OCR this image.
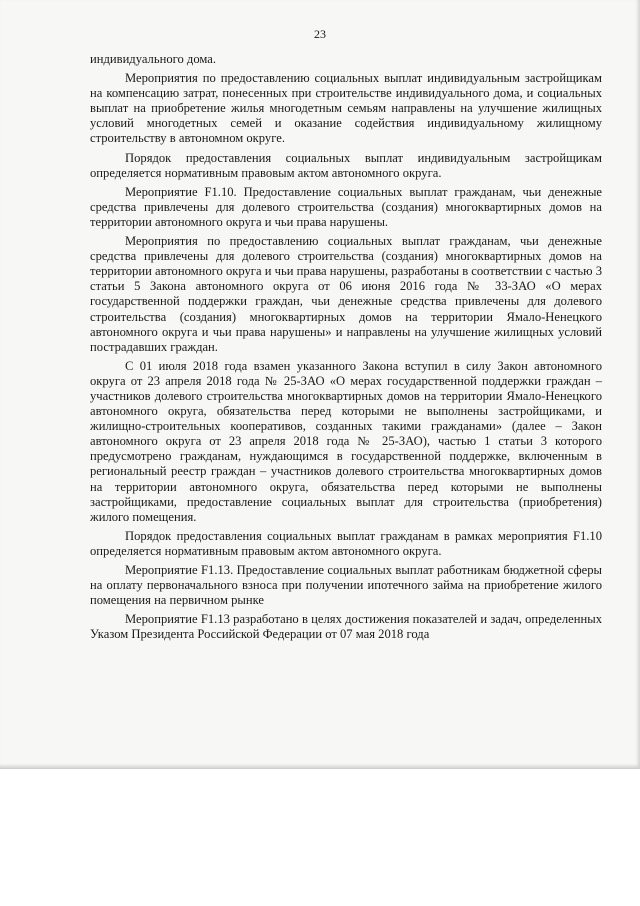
23

индивидуального дома.

Мероприятия по предоставлению социальных выплат индивидуальным застройщикам на компенсацию затрат, понесенных при строительстве индивидуального дома, и социальных выплат на приобретение жилья многодетным семьям направлены на улучшение жилищных условий многодетных семей и оказание содействия индивидуальному жилищному строительству в автономном округе.

Порядок предоставления социальных выплат индивидуальным застройщикам определяется нормативным правовым актом автономного округа.

Мероприятие F1.10. Предоставление социальных выплат гражданам, чьи денежные средства привлечены для долевого строительства (создания) многоквартирных домов на территории автономного округа и чьи права нарушены.

Мероприятия по предоставлению социальных выплат гражданам, чьи денежные средства привлечены для долевого строительства (создания) многоквартирных домов на территории автономного округа и чьи права нарушены, разработаны в соответствии с частью 3 статьи 5 Закона автономного округа от 06 июня 2016 года № 33-ЗАО «О мерах государственной поддержки граждан, чьи денежные средства привлечены для долевого строительства (создания) многоквартирных домов на территории Ямало-Ненецкого автономного округа и чьи права нарушены» и направлены на улучшение жилищных условий пострадавших граждан.

С 01 июля 2018 года взамен указанного Закона вступил в силу Закон автономного округа от 23 апреля 2018 года № 25-ЗАО «О мерах государственной поддержки граждан – участников долевого строительства многоквартирных домов на территории Ямало-Ненецкого автономного округа, обязательства перед которыми не выполнены застройщиками, и жилищно-строительных кооперативов, созданных такими гражданами» (далее – Закон автономного округа от 23 апреля 2018 года № 25-ЗАО), частью 1 статьи 3 которого предусмотрено гражданам, нуждающимся в государственной поддержке, включенным в региональный реестр граждан – участников долевого строительства многоквартирных домов на территории автономного округа, обязательства перед которыми не выполнены застройщиками, предоставление социальных выплат для строительства (приобретения) жилого помещения.

Порядок предоставления социальных выплат гражданам в рамках мероприятия F1.10 определяется нормативным правовым актом автономного округа.

Мероприятие F1.13. Предоставление социальных выплат работникам бюджетной сферы на оплату первоначального взноса при получении ипотечного займа на приобретение жилого помещения на первичном рынке

Мероприятие F1.13 разработано в целях достижения показателей и задач, определенных Указом Президента Российской Федерации от 07 мая 2018 года
